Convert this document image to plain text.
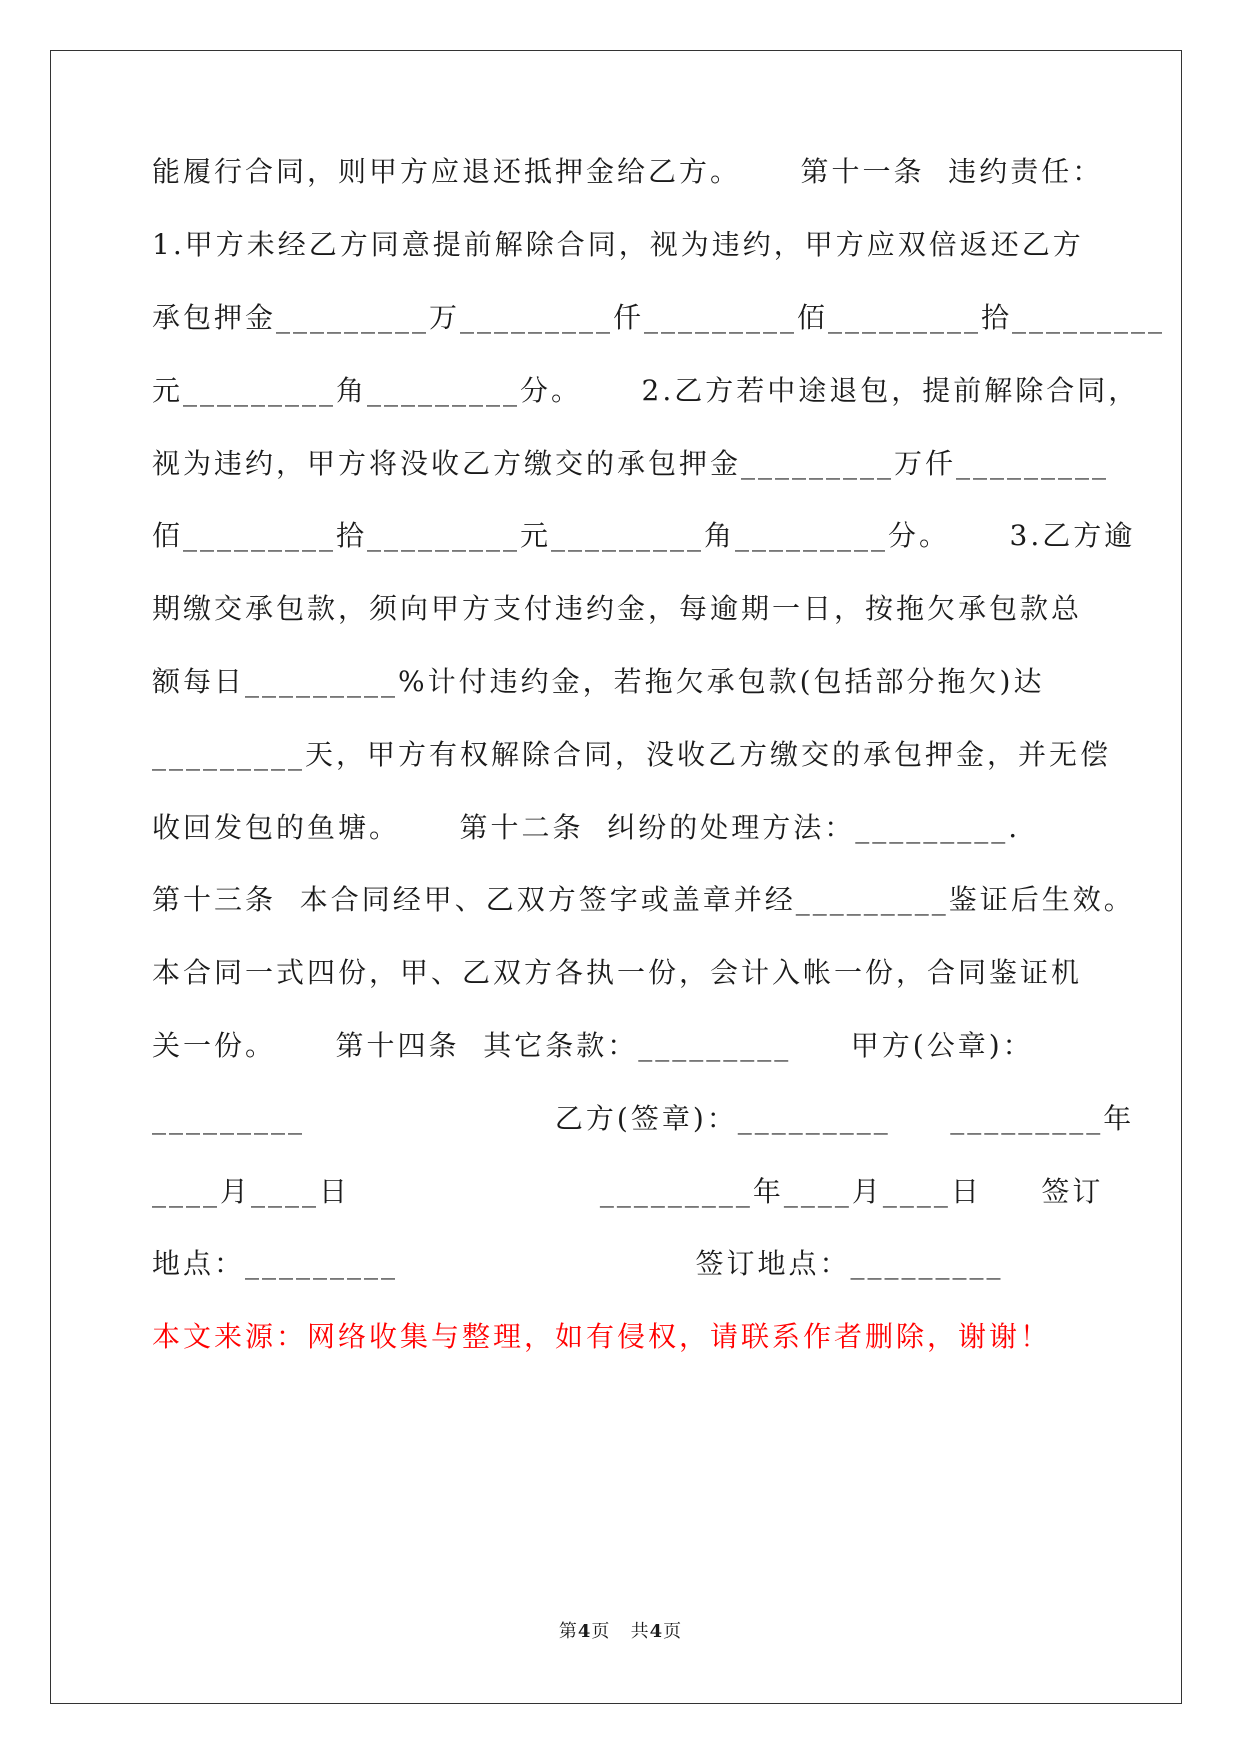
能履行合同，则甲方应退还抵押金给乙方。     第十一条  违约责任：
1.甲方未经乙方同意提前解除合同，视为违约，甲方应双倍返还乙方
承包押金_________万_________仟_________佰_________拾_________
元_________角_________分。     2.乙方若中途退包，提前解除合同，
视为违约，甲方将没收乙方缴交的承包押金_________万仟_________
佰_________拾_________元_________角_________分。     3.乙方逾
期缴交承包款，须向甲方支付违约金，每逾期一日，按拖欠承包款总
额每日_________%计付违约金，若拖欠承包款(包括部分拖欠)达
_________天，甲方有权解除合同，没收乙方缴交的承包押金，并无偿
收回发包的鱼塘。     第十二条  纠纷的处理方法：_________.
第十三条  本合同经甲、乙双方签字或盖章并经_________鉴证后生效。
本合同一式四份，甲、乙双方各执一份，会计入帐一份，合同鉴证机
关一份。     第十四条  其它条款：_________     甲方(公章)：
_________                     乙方(签章)：_________     _________年
____月____日                     _________年____月____日     签订
地点：_________                         签订地点：_________
本文来源：网络收集与整理，如有侵权，请联系作者删除，谢谢！
第4页 共4页
